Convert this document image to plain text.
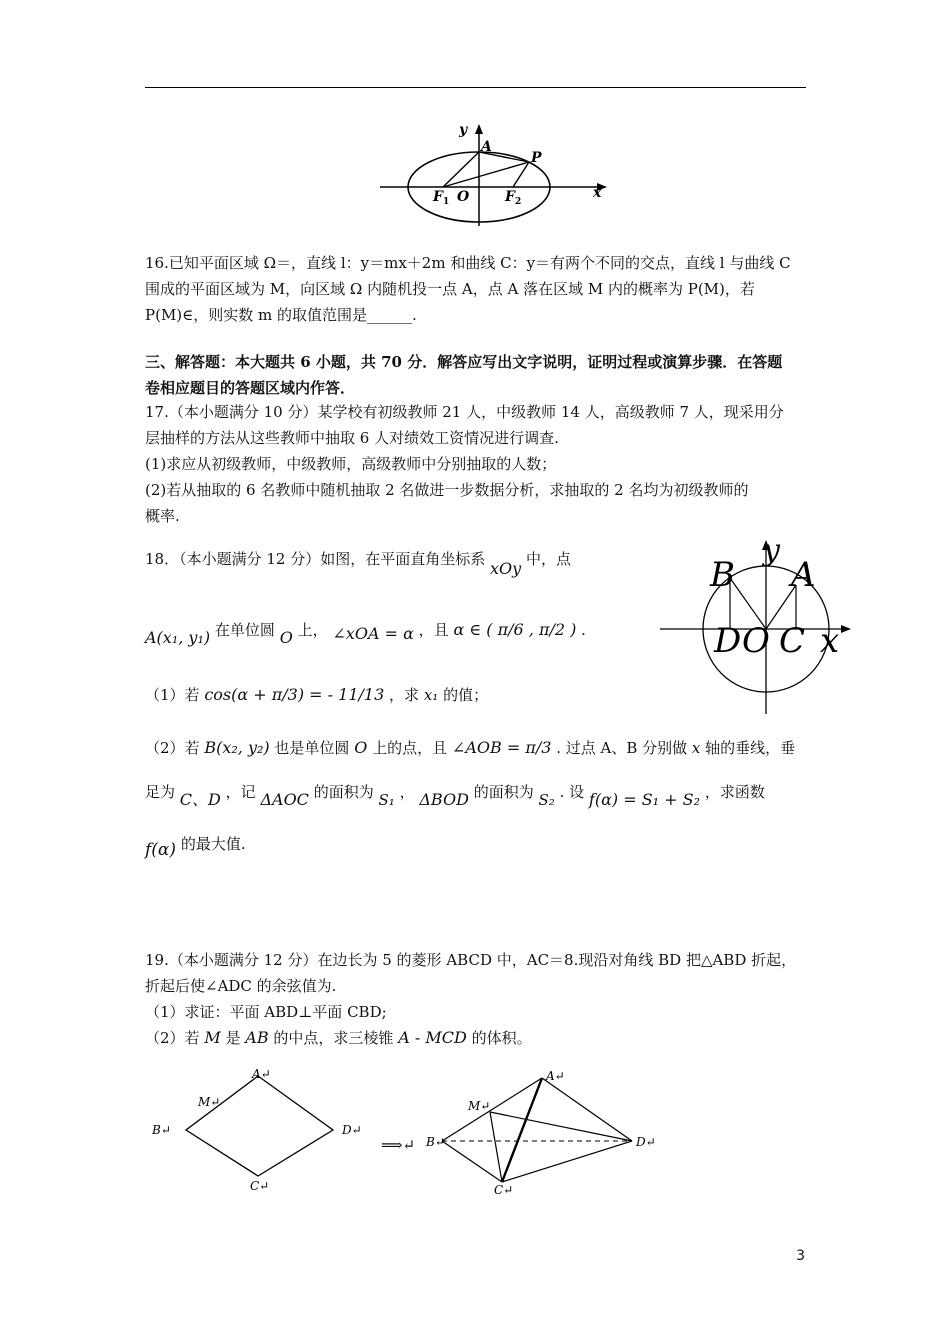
y
x
A
P
F 1 O	F 2
16.已知平面区域 Ω＝，直线 l：y＝mx＋2m 和曲线 C：y＝有两个不同的交点，直线 l 与曲线 C
围成的平面区域为 M，向区域 Ω 内随机投一点 A，点 A 落在区域 M 内的概率为 P(M)，若
P(M)∈，则实数 m 的取值范围是______.
三、解答题：本大题共 6 小题，共 70 分．解答应写出文字说明，证明过程或演算步骤．在答题
卷相应题目的答题区域内作答．
17.（本小题满分 10 分）某学校有初级教师 21 人，中级教师 14 人，高级教师 7 人，现采用分
层抽样的方法从这些教师中抽取 6 人对绩效工资情况进行调查.
(1)求应从初级教师，中级教师，高级教师中分别抽取的人数；
(2)若从抽取的 6 名教师中随机抽取 2 名做进一步数据分析，求抽取的 2 名均为初级教师的
概率.
18．（本小题满分 12 分）如图，在平面直角坐标系 xOy 中，点
A(x₁, y₁) 在单位圆 O 上， ∠xOA = α ，且 α ∈ ( π/6 , π/2 ) .
（1）若 cos(α + π/3) = - 11/13 ，求 x₁ 的值；
（2）若 B(x₂, y₂) 也是单位圆 O 上的点，且 ∠AOB = π/3 . 过点 A、B 分别做 x 轴的垂线，垂
足为 C、D ，记 ΔAOC 的面积为 S₁ ， ΔBOD 的面积为 S₂ . 设 f(α) = S₁ + S₂ ，求函数
f(α) 的最大值.
y
B A
D O C x
19.（本小题满分 12 分）在边长为 5 的菱形 ABCD 中，AC＝8.现沿对角线 BD 把△ABD 折起，
折起后使∠ADC 的余弦值为.
（1）求证：平面 ABD⊥平面 CBD;
（2）若 M 是 AB 的中点，求三棱锥 A - MCD 的体积。
A↵
M↵
B↵	D↵
C↵
⟹↵
A↵
M↵
B↵	D↵
C↵
3
